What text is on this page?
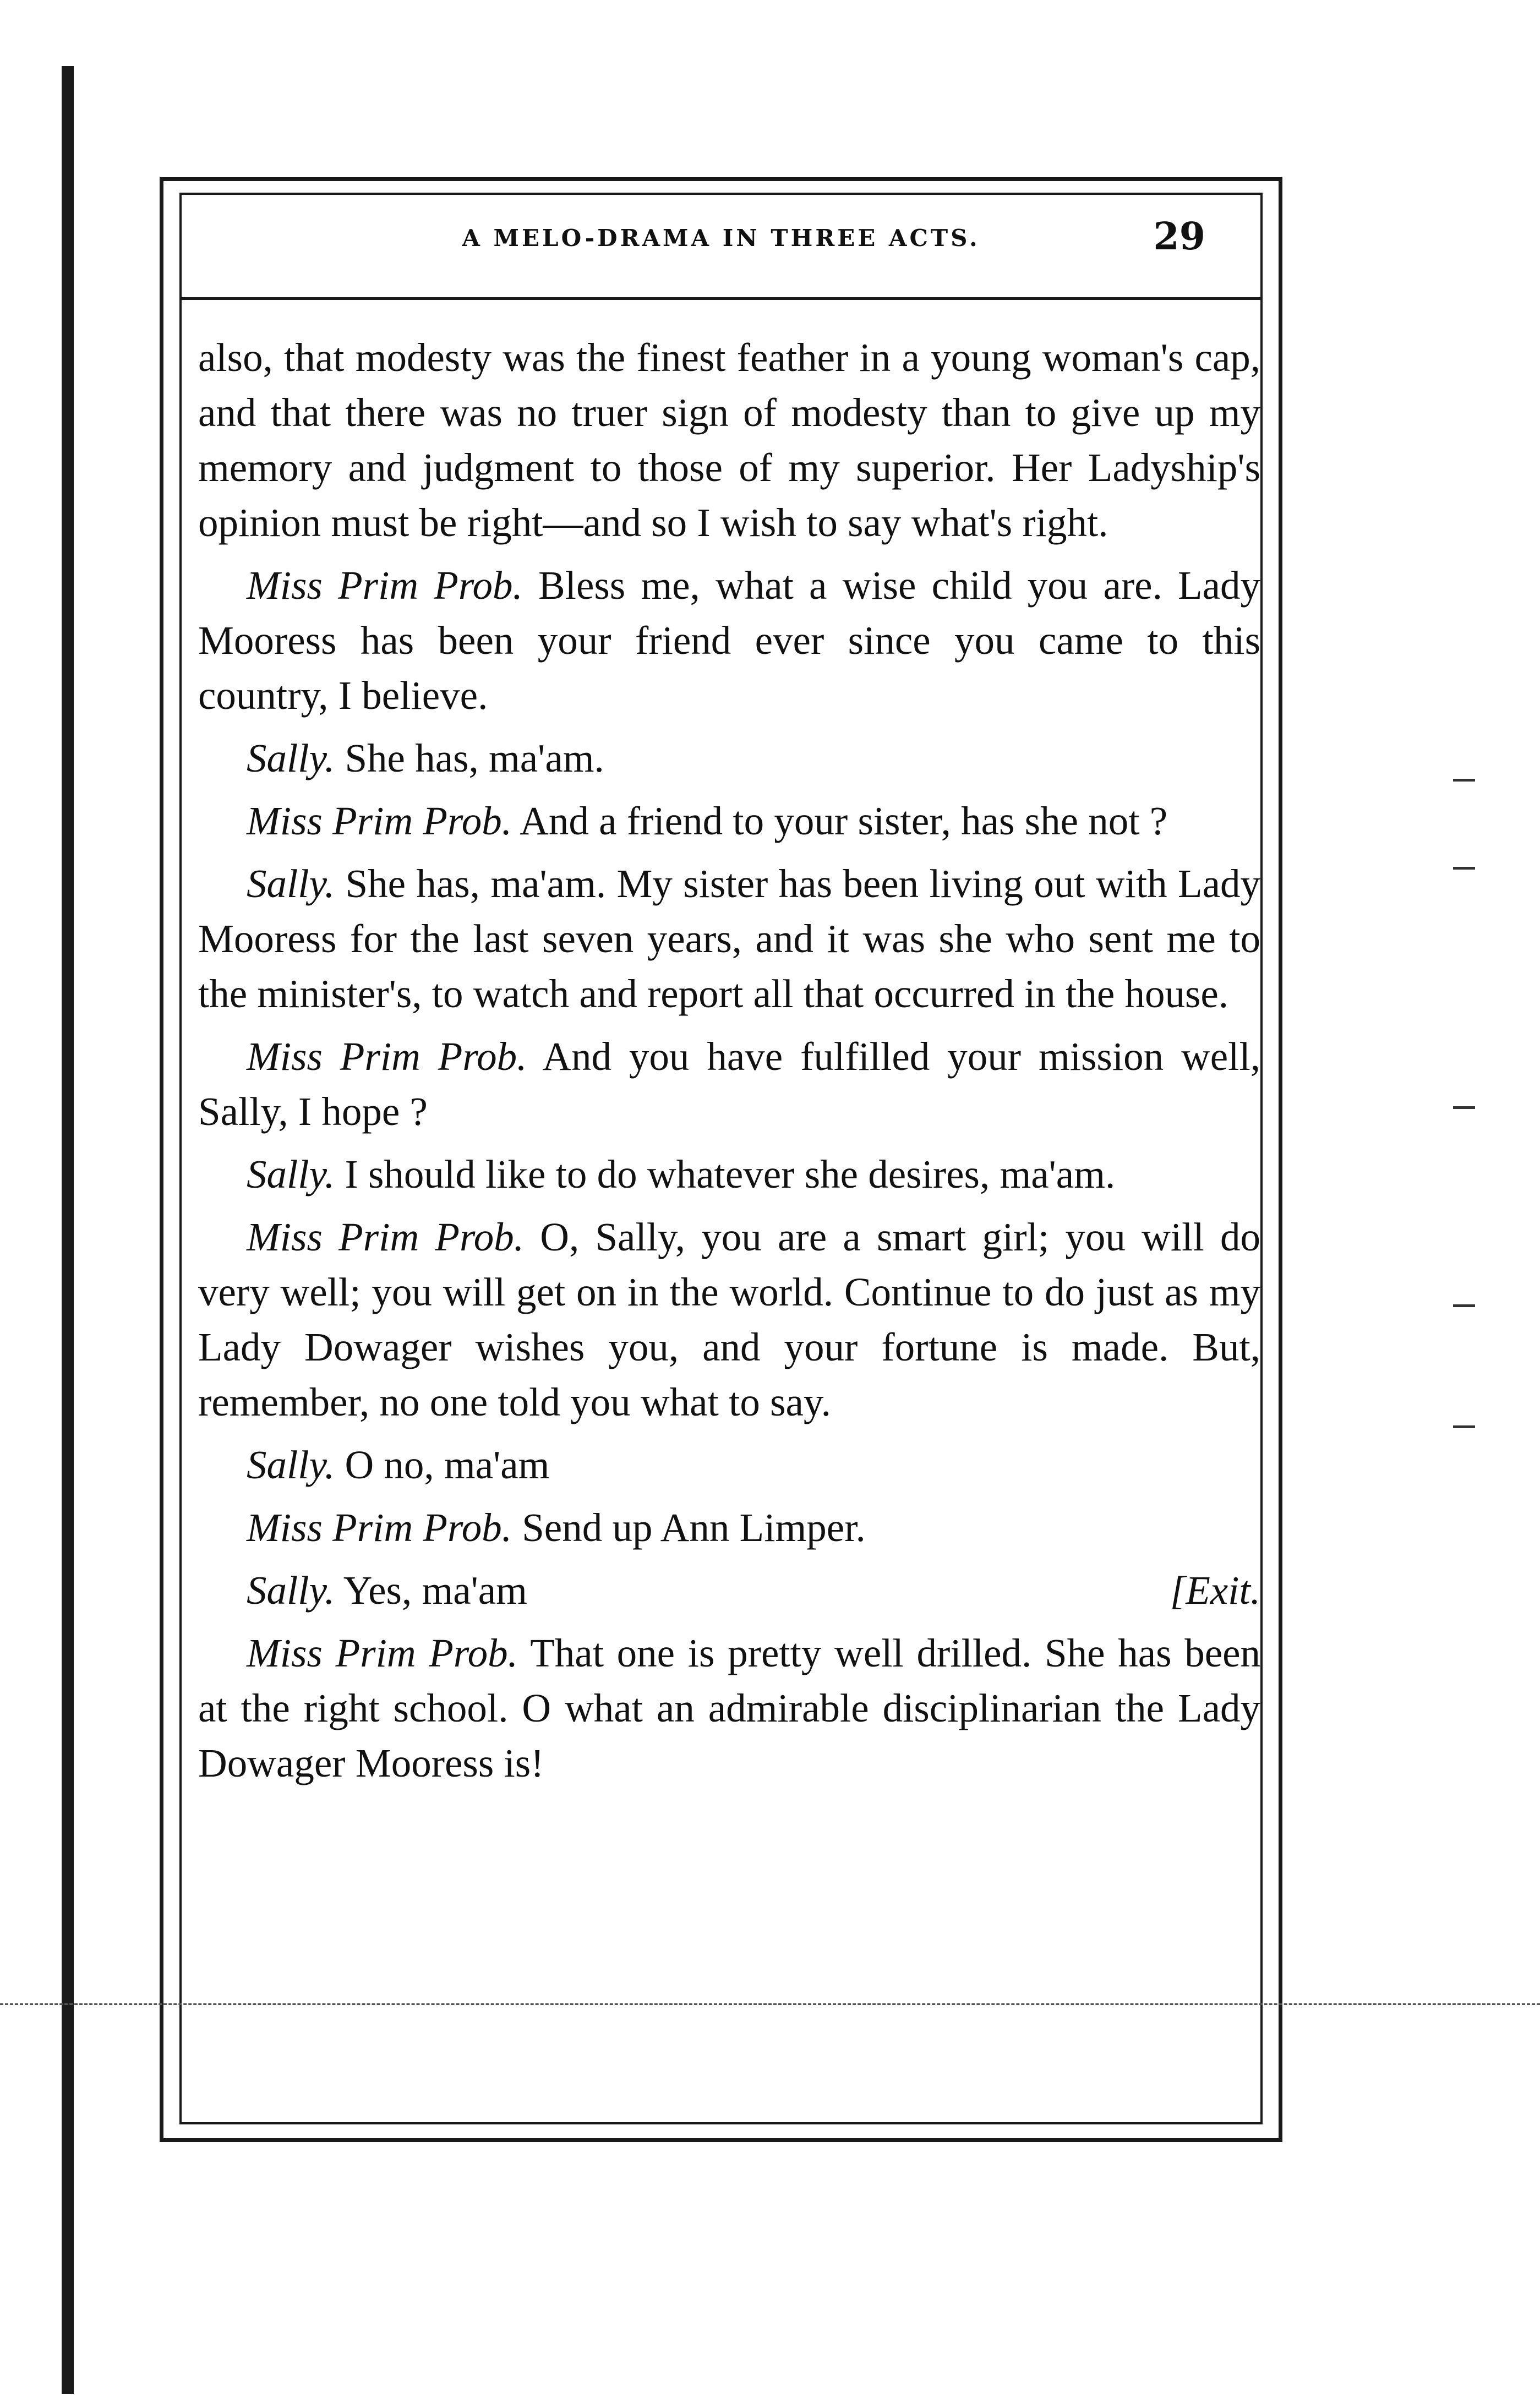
A MELO-DRAMA IN THREE ACTS.	29

also, that modesty was the finest feather in a young woman's cap, and that there was no truer sign of modesty than to give up my memory and judgment to those of my superior. Her Ladyship's opinion must be right—and so I wish to say what's right.

Miss Prim Prob. Bless me, what a wise child you are. Lady Mooress has been your friend ever since you came to this country, I believe.

Sally. She has, ma'am.

Miss Prim Prob. And a friend to your sister, has she not ?

Sally. She has, ma'am. My sister has been living out with Lady Mooress for the last seven years, and it was she who sent me to the minister's, to watch and report all that occurred in the house.

Miss Prim Prob. And you have fulfilled your mission well, Sally, I hope ?

Sally. I should like to do whatever she desires, ma'am.

Miss Prim Prob. O, Sally, you are a smart girl; you will do very well; you will get on in the world. Continue to do just as my Lady Dowager wishes you, and your fortune is made. But, remember, no one told you what to say.

Sally. O no, ma'am

Miss Prim Prob. Send up Ann Limper.

[Exit.
Sally. Yes, ma'am

Miss Prim Prob. That one is pretty well drilled. She has been at the right school. O what an admirable disciplinarian the Lady Dowager Mooress is!
